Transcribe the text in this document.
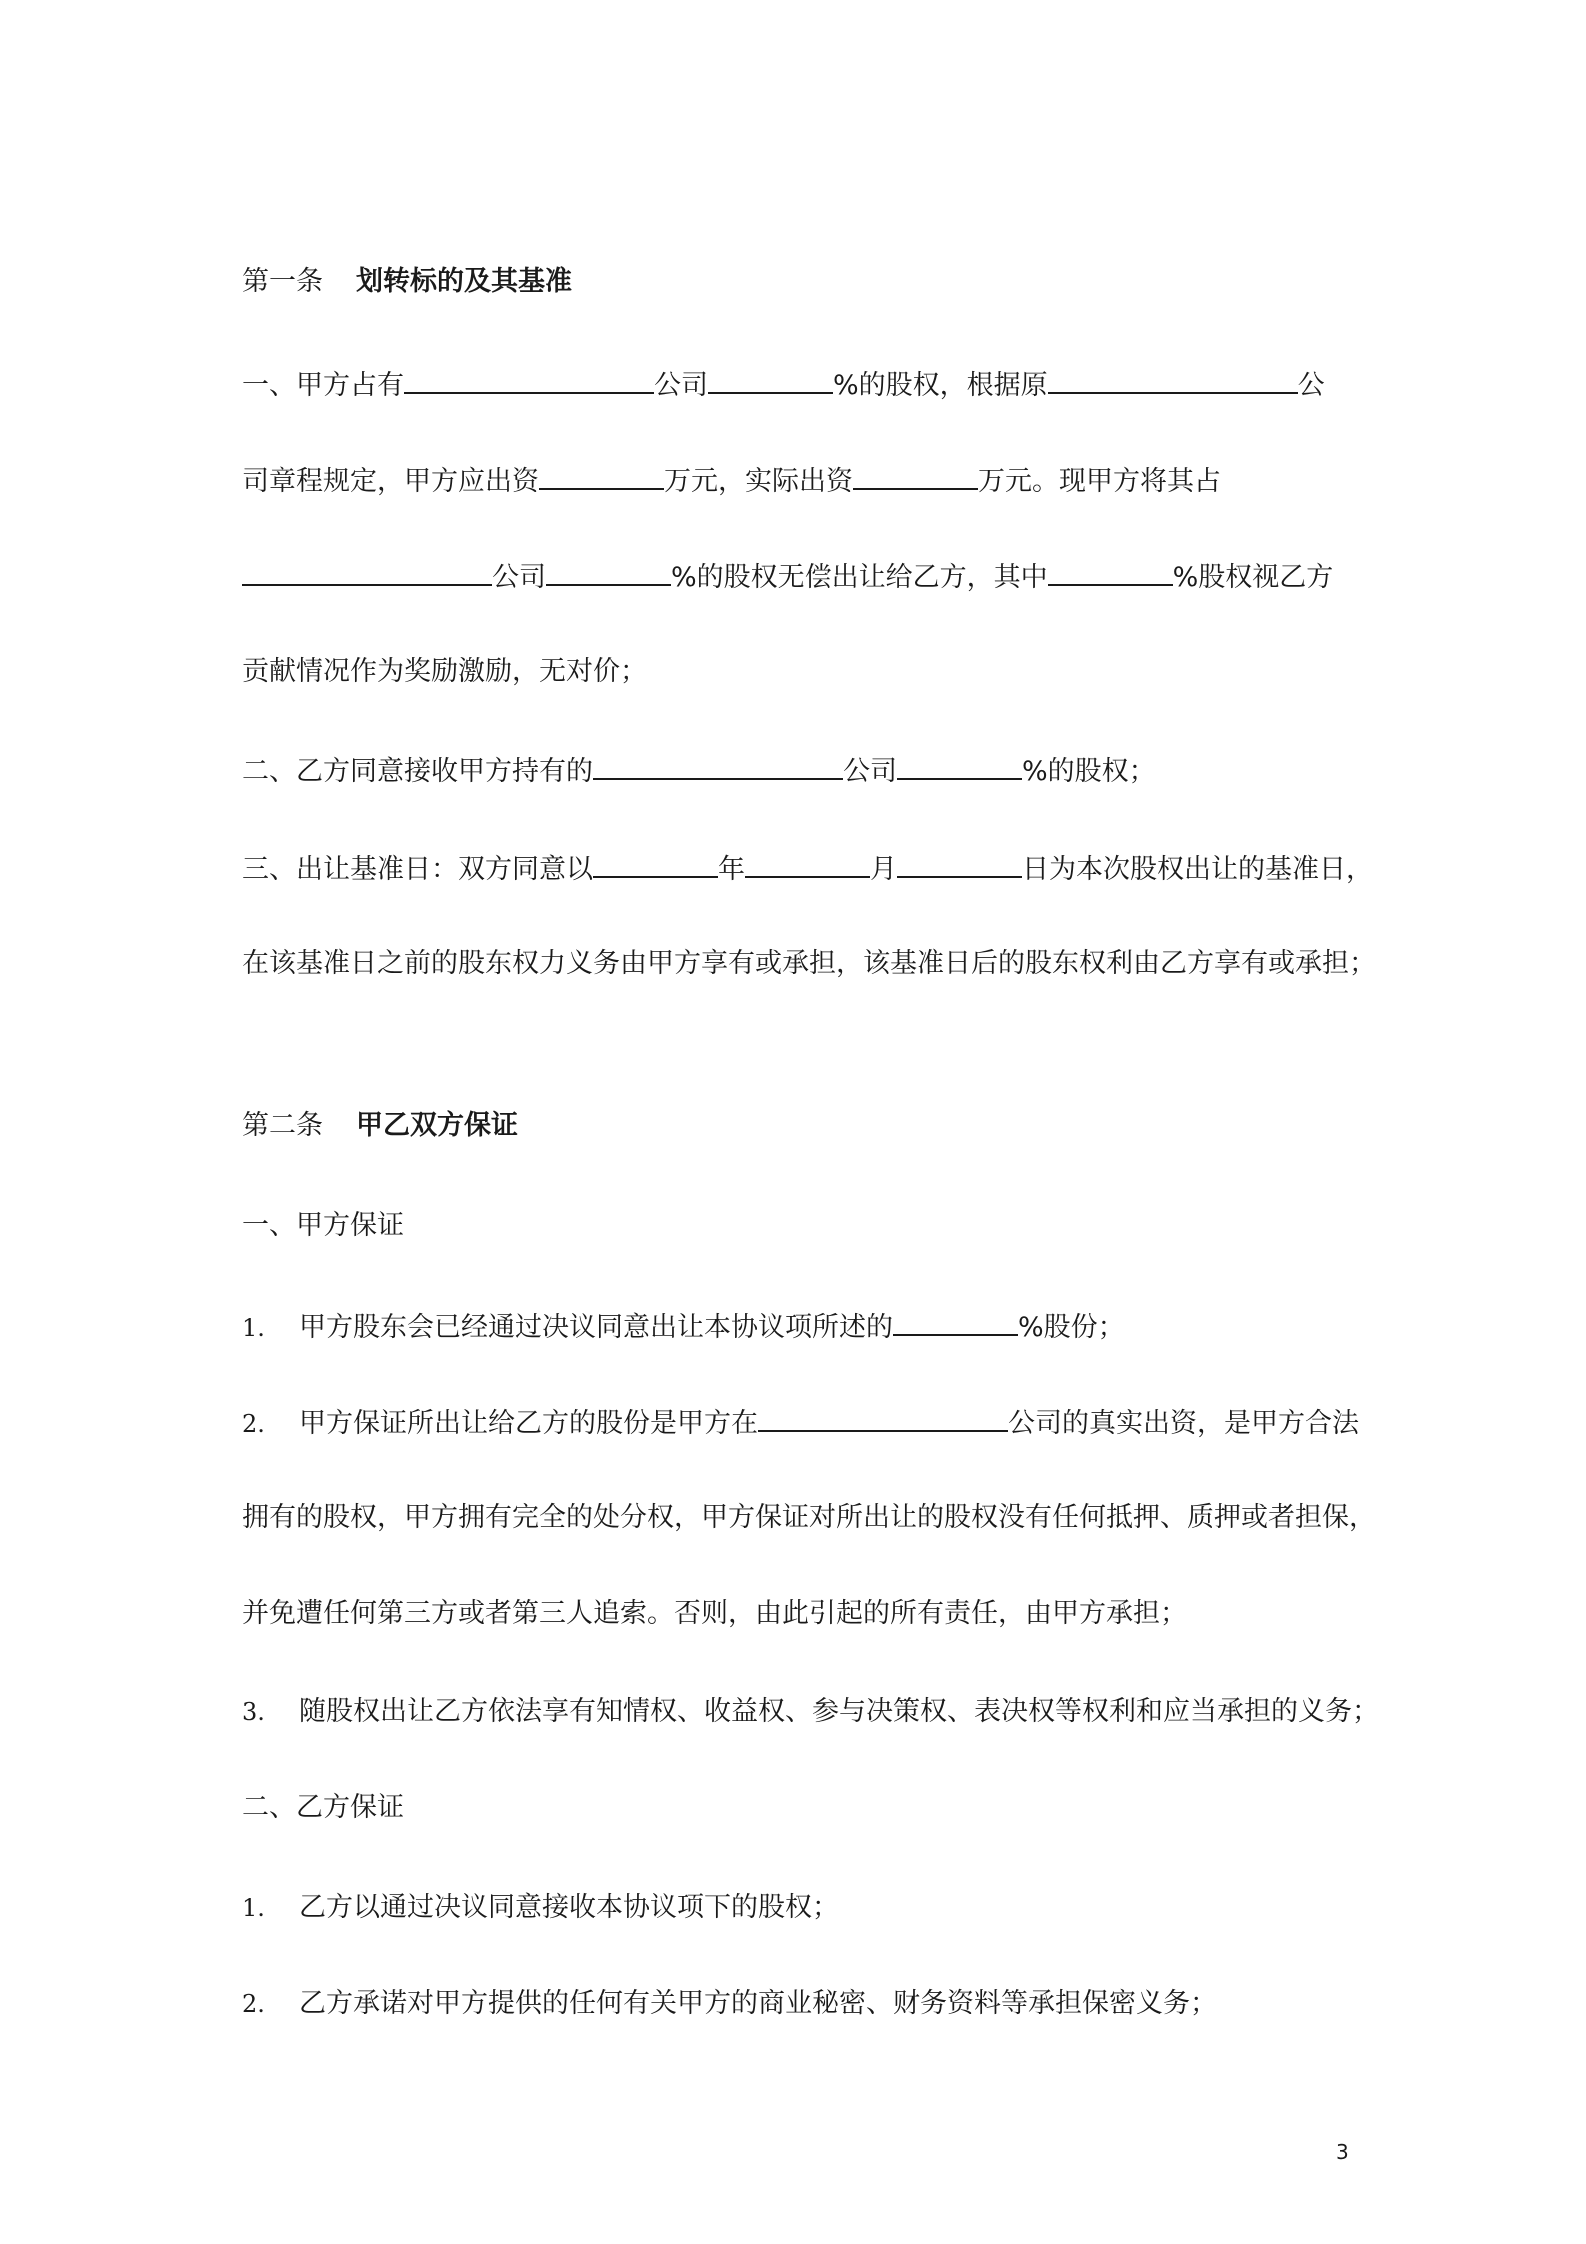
第一条 划转标的及其基准
一、甲方占有	公司	%的股权，根据原	公
司章程规定，甲方应出资	万元，实际出资	万元。现甲方将其占
公司	%的股权无偿出让给乙方，其中	%股权视乙方
贡献情况作为奖励激励，无对价；
二、乙方同意接收甲方持有的	公司	%的股权；
三、出让基准日：双方同意以	年	月	日为本次股权出让的基准日，
在该基准日之前的股东权力义务由甲方享有或承担，该基准日后的股东权利由乙方享有或承担；
第二条 甲乙双方保证
一、甲方保证
1. 甲方股东会已经通过决议同意出让本协议项所述的	%股份；
2. 甲方保证所出让给乙方的股份是甲方在	公司的真实出资，是甲方合法
拥有的股权，甲方拥有完全的处分权，甲方保证对所出让的股权没有任何抵押、质押或者担保，
并免遭任何第三方或者第三人追索。否则，由此引起的所有责任，由甲方承担；
3. 随股权出让乙方依法享有知情权、收益权、参与决策权、表决权等权利和应当承担的义务；
二、乙方保证
1. 乙方以通过决议同意接收本协议项下的股权；
2. 乙方承诺对甲方提供的任何有关甲方的商业秘密、财务资料等承担保密义务；
3
